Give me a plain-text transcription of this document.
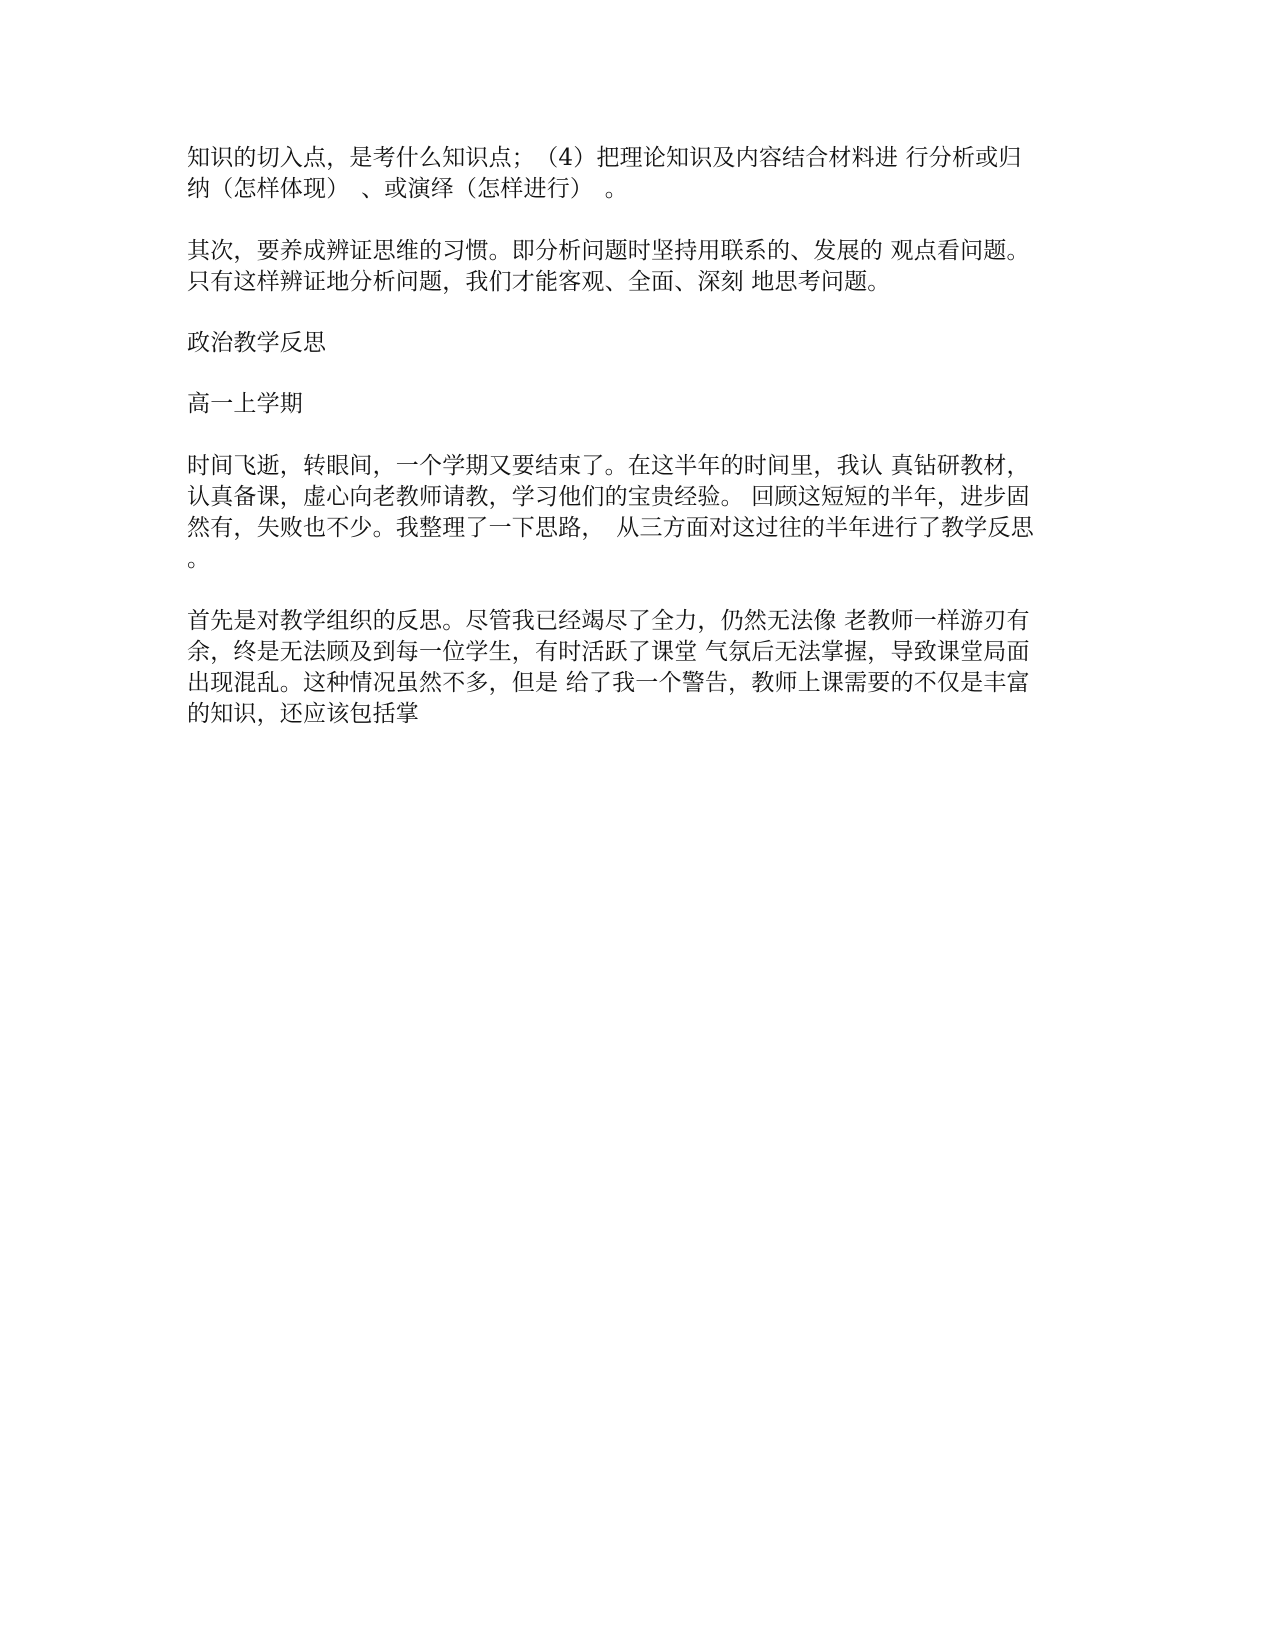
知识的切入点，是考什么知识点；　（4）把理论知识及内容结合材料进 行分析或归
纳（怎样体现）　、或演绎（怎样进行）　。

其次，要养成辨证思维的习惯。即分析问题时坚持用联系的、发展的 观点看问题。
只有这样辨证地分析问题，我们才能客观、全面、深刻 地思考问题。

政治教学反思

高一上学期

时间飞逝，转眼间，一个学期又要结束了。在这半年的时间里，我认 真钻研教材，
认真备课，虚心向老教师请教，学习他们的宝贵经验。 回顾这短短的半年，进步固
然有，失败也不少。我整理了一下思路，　从三方面对这过往的半年进行了教学反思
。

首先是对教学组织的反思。尽管我已经竭尽了全力，仍然无法像 老教师一样游刃有
余，终是无法顾及到每一位学生，有时活跃了课堂 气氛后无法掌握，导致课堂局面
出现混乱。这种情况虽然不多，但是 给了我一个警告，教师上课需要的不仅是丰富
的知识，还应该包括掌
